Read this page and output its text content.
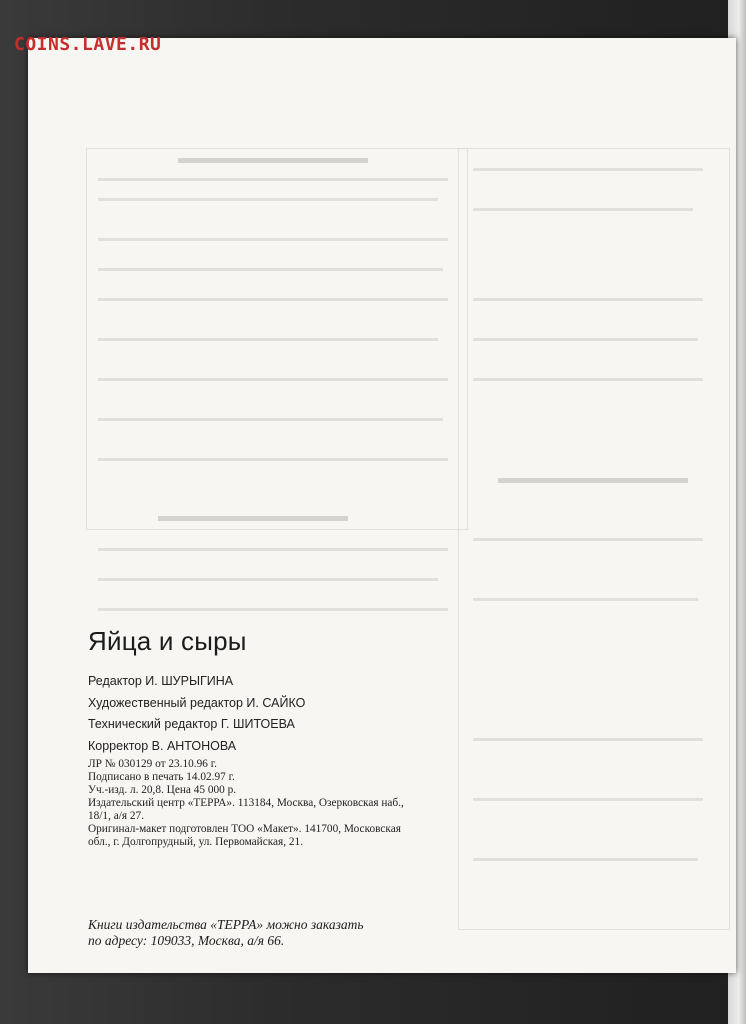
COINS.LAVE.RU
Яйца и сыры
Редактор И. ШУРЫГИНА
Художественный редактор И. САЙКО
Технический редактор Г. ШИТОЕВА
Корректор В. АНТОНОВА

ЛР № 030129 от 23.10.96 г.

Подписано в печать 14.02.97 г.

Уч.-изд. л. 20,8. Цена 45 000 р.

Издательский центр «ТЕРРА». 113184, Москва, Озерковская наб.,

18/1, а/я 27.

Оригинал-макет подготовлен ТОО «Макет». 141700, Московская

обл., г. Долгопрудный, ул. Первомайская, 21.

Книги издательства «ТЕРРА» можно заказать
по адресу: 109033, Москва, а/я 66.
